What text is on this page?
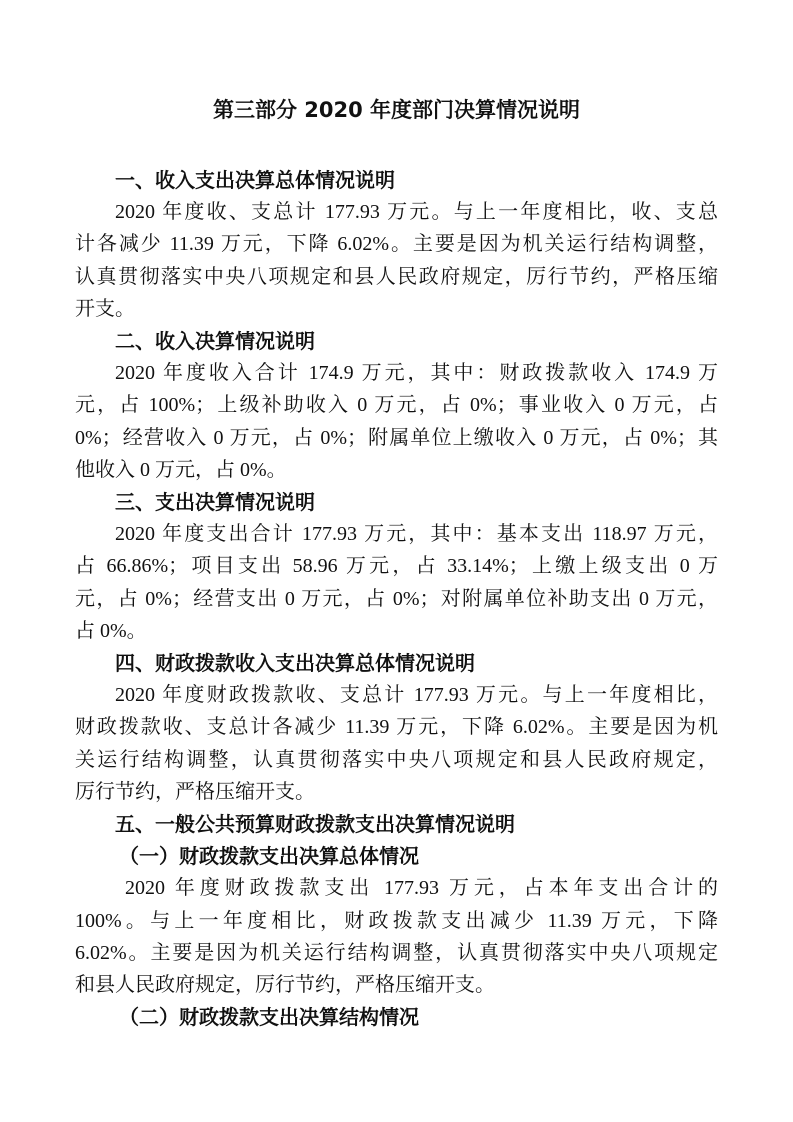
第三部分 2020 年度部门决算情况说明
一、收入支出决算总体情况说明
2020 年度收、支总计 177.93 万元。与上一年度相比，收、支总
计各减少 11.39 万元，下降 6.02%。主要是因为机关运行结构调整，
认真贯彻落实中央八项规定和县人民政府规定，厉行节约，严格压缩
开支。
二、收入决算情况说明
2020 年度收入合计 174.9 万元，其中：财政拨款收入 174.9 万
元，占 100%；上级补助收入 0 万元，占 0%；事业收入 0 万元，占
0%；经营收入 0 万元，占 0%；附属单位上缴收入 0 万元，占 0%；其
他收入 0 万元，占 0%。
三、支出决算情况说明
2020 年度支出合计 177.93 万元，其中：基本支出 118.97 万元，
占 66.86%；项目支出 58.96 万元，占 33.14%；上缴上级支出 0 万
元，占 0%；经营支出 0 万元，占 0%；对附属单位补助支出 0 万元，
占 0%。
四、财政拨款收入支出决算总体情况说明
2020 年度财政拨款收、支总计 177.93 万元。与上一年度相比，
财政拨款收、支总计各减少 11.39 万元，下降 6.02%。主要是因为机
关运行结构调整，认真贯彻落实中央八项规定和县人民政府规定，
厉行节约，严格压缩开支。
五、一般公共预算财政拨款支出决算情况说明
（一）财政拨款支出决算总体情况
2020 年度财政拨款支出 177.93 万元，占本年支出合计的
100%。与上一年度相比，财政拨款支出减少 11.39 万元，下降
6.02%。主要是因为机关运行结构调整，认真贯彻落实中央八项规定
和县人民政府规定，厉行节约，严格压缩开支。
（二）财政拨款支出决算结构情况
